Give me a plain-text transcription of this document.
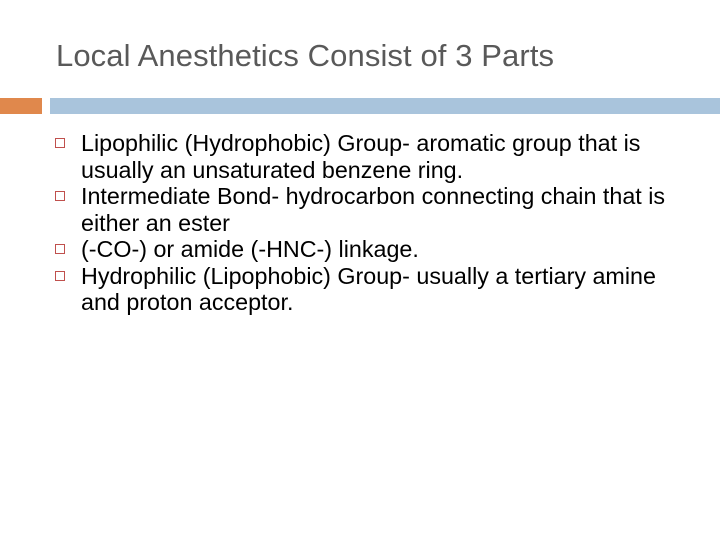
Local Anesthetics Consist of 3 Parts
Lipophilic (Hydrophobic) Group- aromatic group that is usually an unsaturated benzene ring.
Intermediate Bond- hydrocarbon connecting chain that is either an ester
(-CO-) or amide (-HNC-) linkage.
Hydrophilic (Lipophobic) Group- usually a tertiary amine and proton acceptor.
